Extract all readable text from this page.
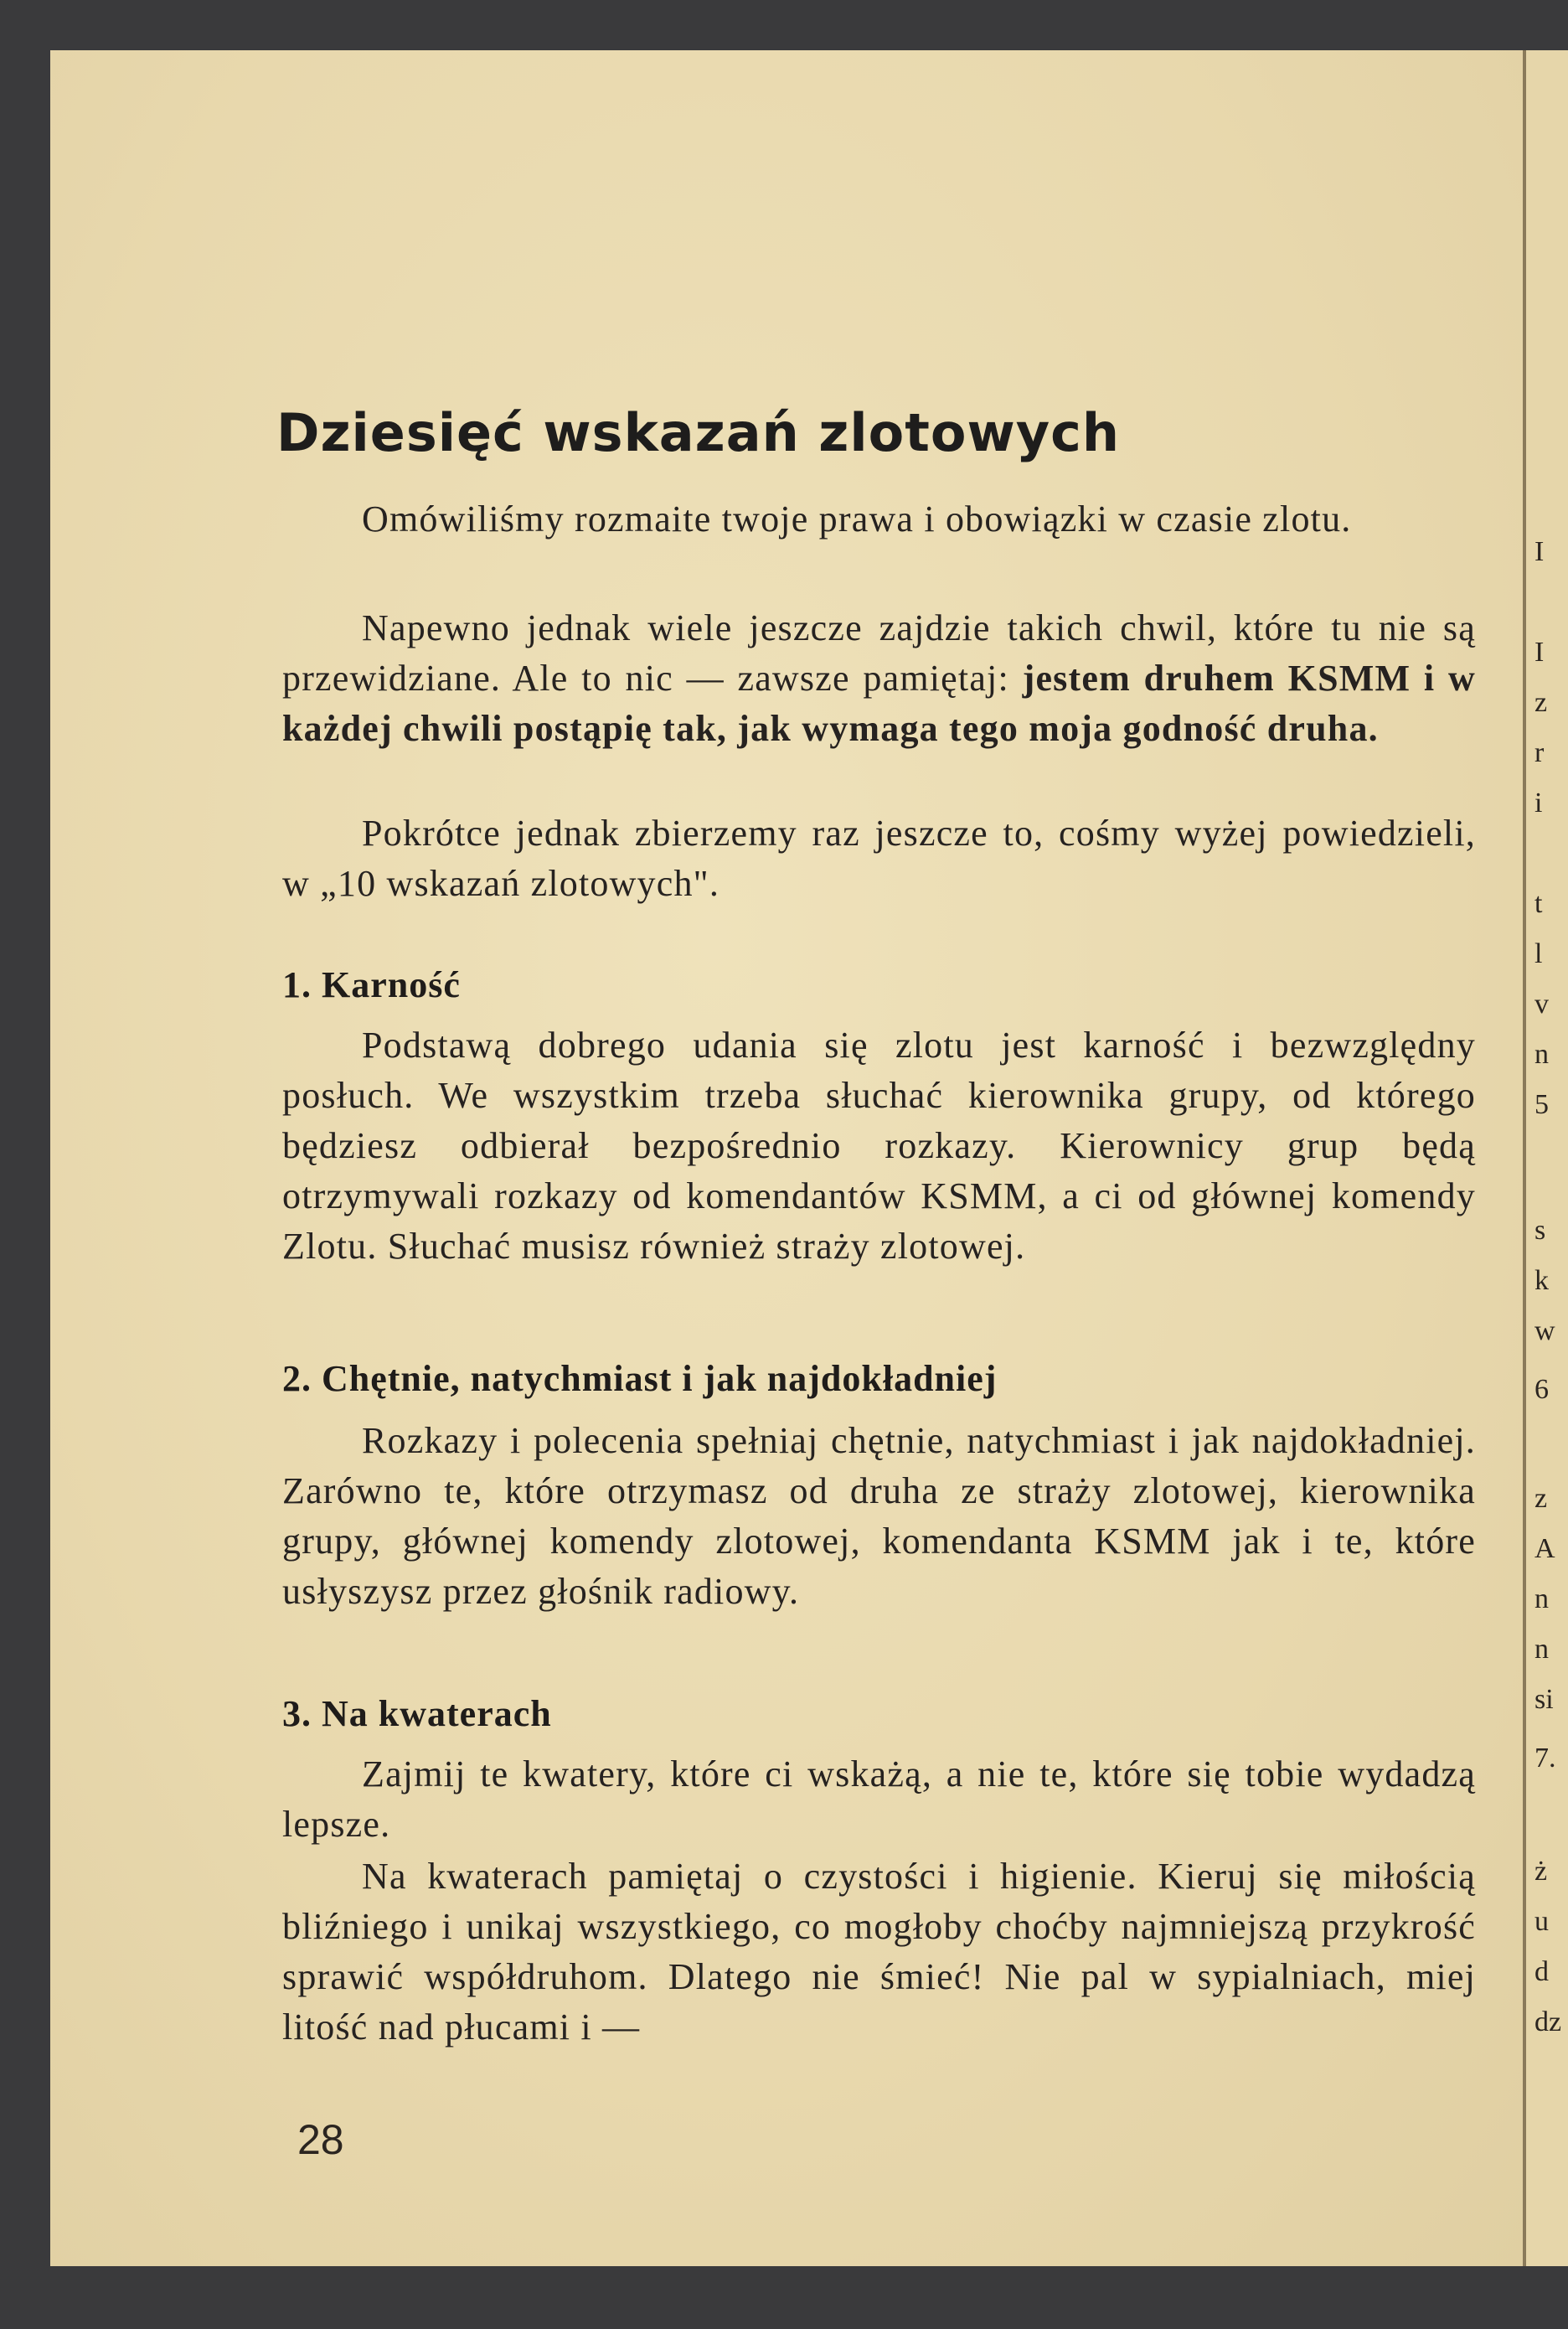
I
I
z
r
i
t
l
v
n
5
s
k
w
6
z
A
n
n
si
7.
ż
u
d
dz
Dziesięć wskazań zlotowych

Omówiliśmy rozmaite twoje prawa i obowiązki w czasie zlotu.

Napewno jednak wiele jeszcze zajdzie takich chwil, które tu nie są przewidziane. Ale to nic — zawsze pamiętaj: jestem druhem KSMM i w każdej chwili postąpię tak, jak wymaga tego moja godność druha.

Pokrótce jednak zbierzemy raz jeszcze to, cośmy wyżej powiedzieli, w „10 wskazań zlotowych".

1. Karność

Podstawą dobrego udania się zlotu jest karność i bezwzględny posłuch. We wszystkim trzeba słuchać kierownika grupy, od którego będziesz odbierał bezpośrednio rozkazy. Kierownicy grup będą otrzymywali rozkazy od komendantów KSMM, a ci od głównej komendy Zlotu. Słuchać musisz również straży zlotowej.

2. Chętnie, natychmiast i jak najdokładniej

Rozkazy i polecenia spełniaj chętnie, natychmiast i jak najdokładniej. Zarówno te, które otrzymasz od druha ze straży zlotowej, kierownika grupy, głównej komendy zlotowej, komendanta KSMM jak i te, które usłyszysz przez głośnik radiowy.

3. Na kwaterach

Zajmij te kwatery, które ci wskażą, a nie te, które się tobie wydadzą lepsze.

Na kwaterach pamiętaj o czystości i higienie. Kieruj się miłością bliźniego i unikaj wszystkiego, co mogłoby choćby najmniejszą przykrość sprawić współdruhom. Dlatego nie śmieć! Nie pal w sypialniach, miej litość nad płucami i —

28
